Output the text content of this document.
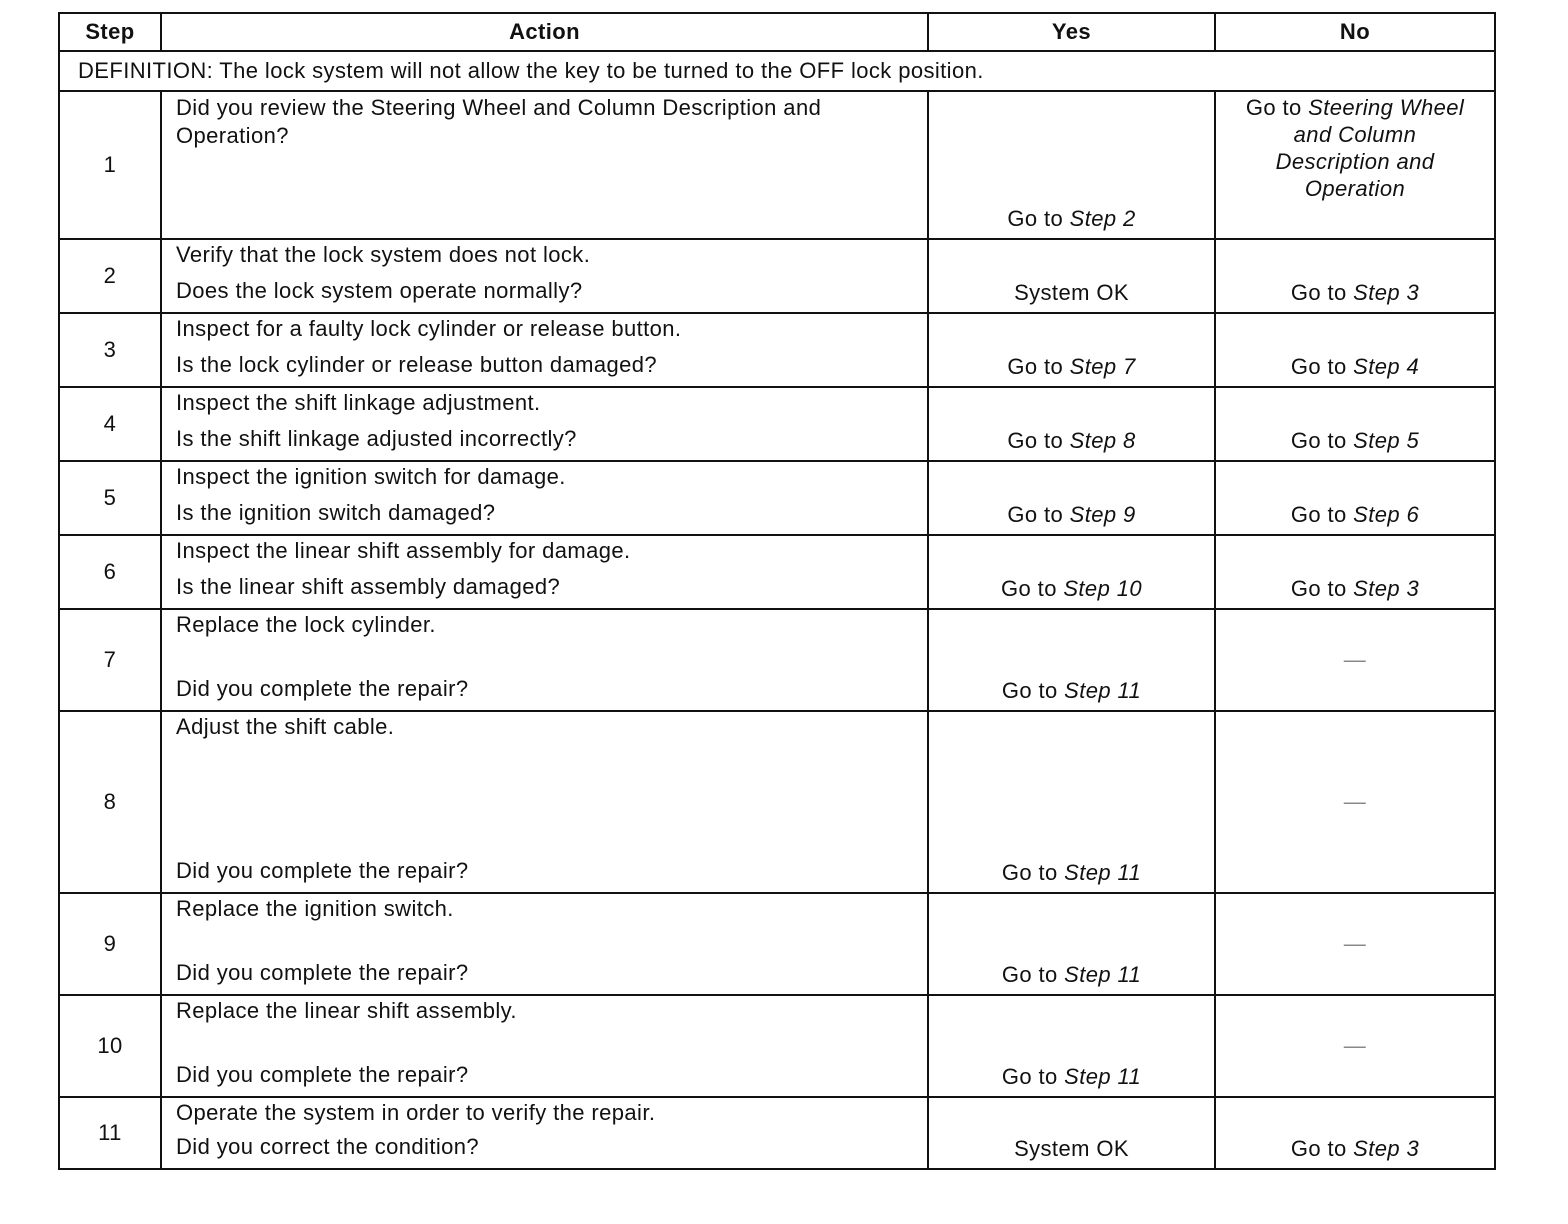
Step	Action	Yes	No
DEFINITION: The lock system will not allow the key to be turned to the OFF lock position.			
1	Did you review the Steering Wheel and Column Description and
Operation?	Go to Step 2	Go to Steering Wheel
and Column
Description and
Operation
2	Verify that the lock system does not lock.
Does the lock system operate normally?	System OK	Go to Step 3
3	Inspect for a faulty lock cylinder or release button.
Is the lock cylinder or release button damaged?	Go to Step 7	Go to Step 4
4	Inspect the shift linkage adjustment.
Is the shift linkage adjusted incorrectly?	Go to Step 8	Go to Step 5
5	Inspect the ignition switch for damage.
Is the ignition switch damaged?	Go to Step 9	Go to Step 6
6	Inspect the linear shift assembly for damage.
Is the linear shift assembly damaged?	Go to Step 10	Go to Step 3
7	Replace the lock cylinder.
Did you complete the repair?	Go to Step 11	—
8	Adjust the shift cable.
Did you complete the repair?	Go to Step 11	—
9	Replace the ignition switch.
Did you complete the repair?	Go to Step 11	—
10	Replace the linear shift assembly.
Did you complete the repair?	Go to Step 11	—
11	Operate the system in order to verify the repair.
Did you correct the condition?	System OK	Go to Step 3
